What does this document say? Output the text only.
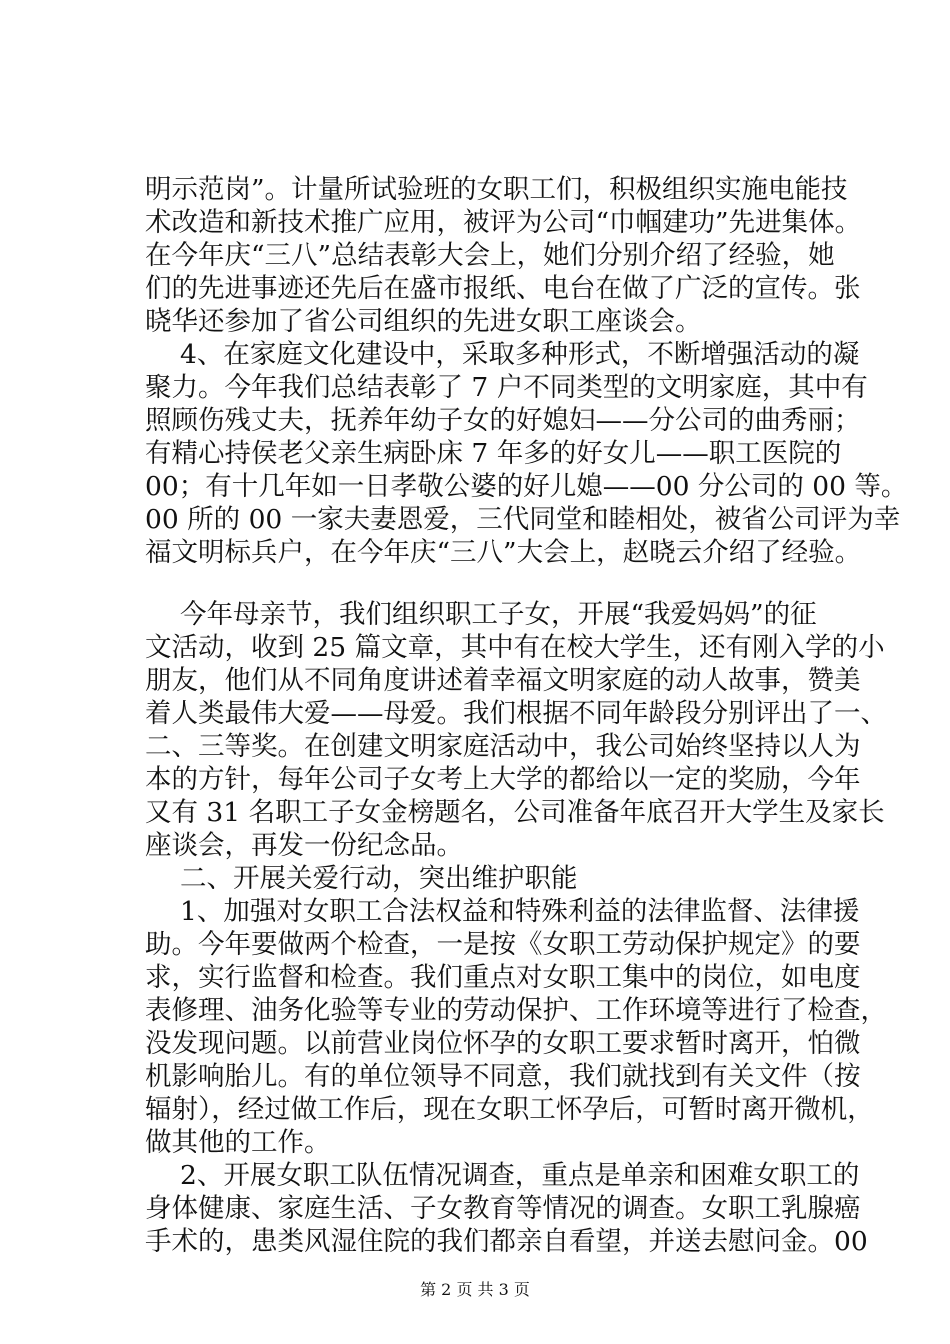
明示范岗”。计量所试验班的女职工们，积极组织实施电能技
术改造和新技术推广应用，被评为公司“巾帼建功”先进集体。
在今年庆“三八”总结表彰大会上，她们分别介绍了经验，她
们的先进事迹还先后在盛市报纸、电台在做了广泛的宣传。张
晓华还参加了省公司组织的先进女职工座谈会。
4、在家庭文化建设中，采取多种形式，不断增强活动的凝
聚力。今年我们总结表彰了 7 户不同类型的文明家庭，其中有
照顾伤残丈夫，抚养年幼子女的好媳妇——分公司的曲秀丽；
有精心持侯老父亲生病卧床 7 年多的好女儿——职工医院的
00；有十几年如一日孝敬公婆的好儿媳——00 分公司的 00 等。
00 所的 00 一家夫妻恩爱，三代同堂和睦相处，被省公司评为幸
福文明标兵户，在今年庆“三八”大会上，赵晓云介绍了经验。
今年母亲节，我们组织职工子女，开展“我爱妈妈”的征
文活动，收到 25 篇文章，其中有在校大学生，还有刚入学的小
朋友，他们从不同角度讲述着幸福文明家庭的动人故事，赞美
着人类最伟大爱——母爱。我们根据不同年龄段分别评出了一、
二、三等奖。在创建文明家庭活动中，我公司始终坚持以人为
本的方针，每年公司子女考上大学的都给以一定的奖励，今年
又有 31 名职工子女金榜题名，公司准备年底召开大学生及家长
座谈会，再发一份纪念品。
二、开展关爱行动，突出维护职能
1、加强对女职工合法权益和特殊利益的法律监督、法律援
助。今年要做两个检查，一是按《女职工劳动保护规定》的要
求，实行监督和检查。我们重点对女职工集中的岗位，如电度
表修理、油务化验等专业的劳动保护、工作环境等进行了检查，
没发现问题。以前营业岗位怀孕的女职工要求暂时离开，怕微
机影响胎儿。有的单位领导不同意，我们就找到有关文件（按
辐射），经过做工作后，现在女职工怀孕后，可暂时离开微机，
做其他的工作。
2、开展女职工队伍情况调查，重点是单亲和困难女职工的
身体健康、家庭生活、子女教育等情况的调查。女职工乳腺癌
手术的，患类风湿住院的我们都亲自看望，并送去慰问金。00
第 2 页 共 3 页
